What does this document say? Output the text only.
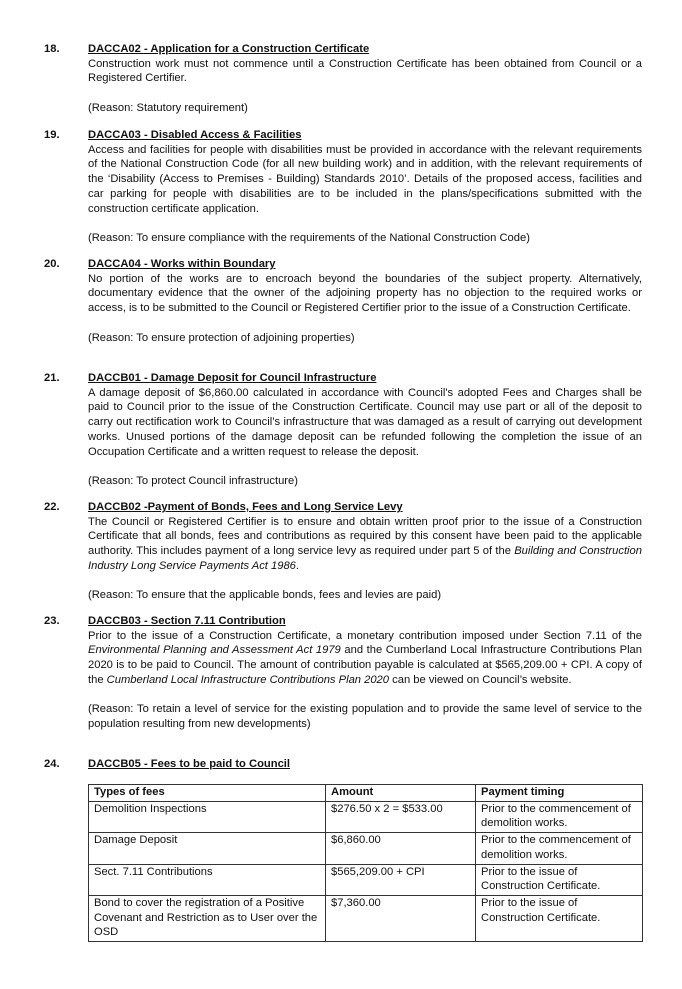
18.	DACCA02 - Application for a Construction Certificate
Construction work must not commence until a Construction Certificate has been obtained from Council or a Registered Certifier.
(Reason: Statutory requirement)
19.	DACCA03 - Disabled Access & Facilities
Access and facilities for people with disabilities must be provided in accordance with the relevant requirements of the National Construction Code (for all new building work) and in addition, with the relevant requirements of the ‘Disability (Access to Premises - Building) Standards 2010’. Details of the proposed access, facilities and car parking for people with disabilities are to be included in the plans/specifications submitted with the construction certificate application.
(Reason: To ensure compliance with the requirements of the National Construction Code)
20.	DACCA04 - Works within Boundary
No portion of the works are to encroach beyond the boundaries of the subject property. Alternatively, documentary evidence that the owner of the adjoining property has no objection to the required works or access, is to be submitted to the Council or Registered Certifier prior to the issue of a Construction Certificate.
(Reason: To ensure protection of adjoining properties)
21.	DACCB01 - Damage Deposit for Council Infrastructure
A damage deposit of $6,860.00 calculated in accordance with Council's adopted Fees and Charges shall be paid to Council prior to the issue of the Construction Certificate. Council may use part or all of the deposit to carry out rectification work to Council’s infrastructure that was damaged as a result of carrying out development works. Unused portions of the damage deposit can be refunded following the completion the issue of an Occupation Certificate and a written request to release the deposit.
(Reason: To protect Council infrastructure)
22.	DACCB02 -Payment of Bonds, Fees and Long Service Levy
The Council or Registered Certifier is to ensure and obtain written proof prior to the issue of a Construction Certificate that all bonds, fees and contributions as required by this consent have been paid to the applicable authority. This includes payment of a long service levy as required under part 5 of the Building and Construction Industry Long Service Payments Act 1986.
(Reason: To ensure that the applicable bonds, fees and levies are paid)
23.	DACCB03 - Section 7.11 Contribution
Prior to the issue of a Construction Certificate, a monetary contribution imposed under Section 7.11 of the Environmental Planning and Assessment Act 1979 and the Cumberland Local Infrastructure Contributions Plan 2020 is to be paid to Council. The amount of contribution payable is calculated at $565,209.00 + CPI. A copy of the Cumberland Local Infrastructure Contributions Plan 2020 can be viewed on Council’s website.
(Reason: To retain a level of service for the existing population and to provide the same level of service to the population resulting from new developments)
24.	DACCB05 - Fees to be paid to Council
Types of fees	Amount	Payment timing
Demolition Inspections	$276.50 x 2 = $533.00	Prior to the commencement of demolition works.
Damage Deposit	$6,860.00	Prior to the commencement of demolition works.
Sect. 7.11 Contributions	$565,209.00 + CPI	Prior to the issue of Construction Certificate.
Bond to cover the registration of a Positive Covenant and Restriction as to User over the OSD	$7,360.00	Prior to the issue of Construction Certificate.
